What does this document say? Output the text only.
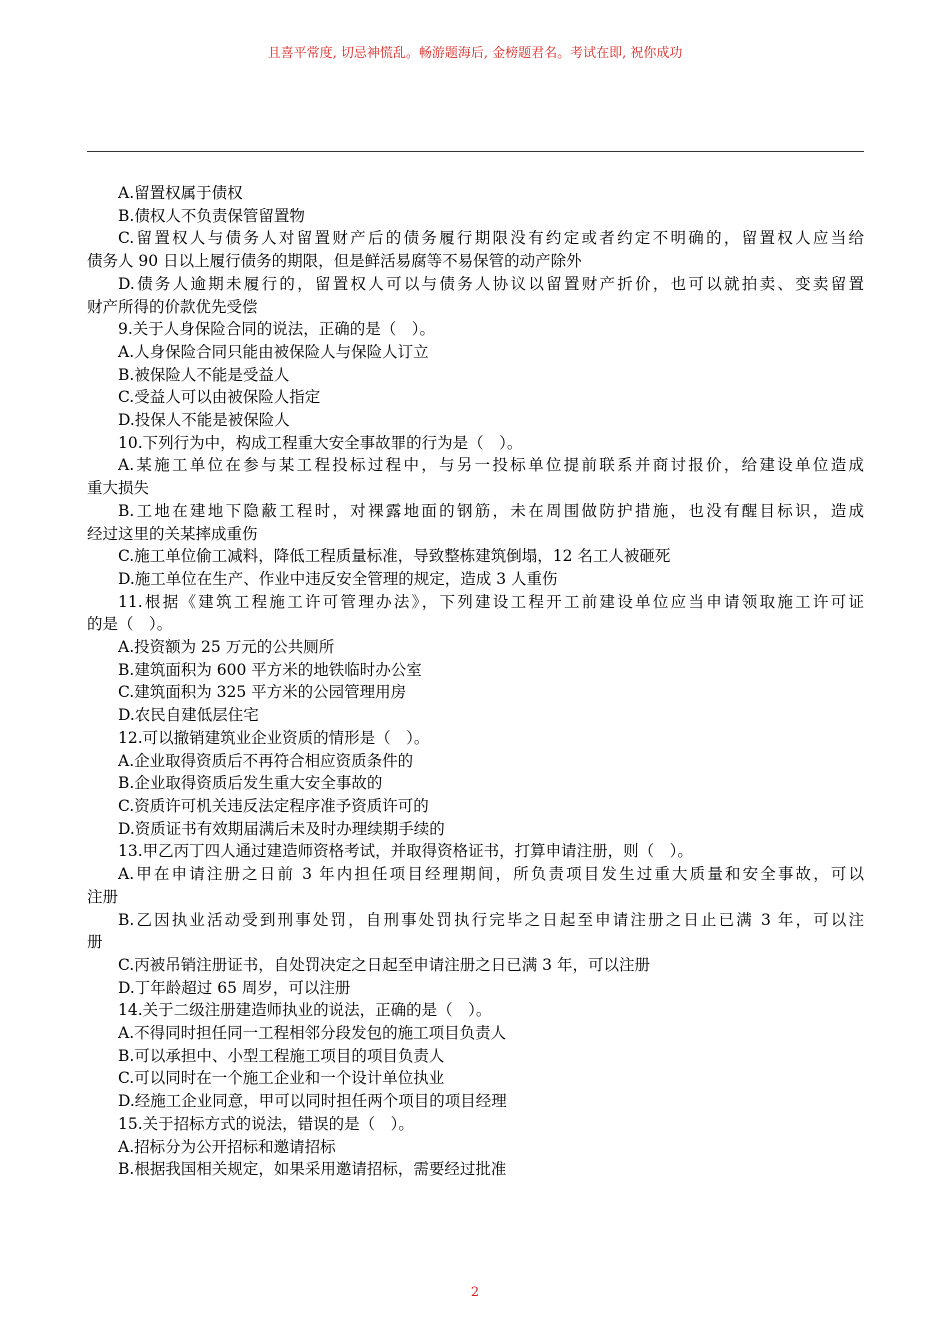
且喜平常度, 切忌神慌乱。畅游题海后, 金榜题君名。考试在即, 祝你成功
A.留置权属于债权
B.债权人不负责保管留置物
C.留置权人与债务人对留置财产后的债务履行期限没有约定或者约定不明确的，留置权人应当给
债务人 90 日以上履行债务的期限，但是鲜活易腐等不易保管的动产除外
D.债务人逾期未履行的，留置权人可以与债务人协议以留置财产折价，也可以就拍卖、变卖留置
财产所得的价款优先受偿
9.关于人身保险合同的说法，正确的是（　）。
A.人身保险合同只能由被保险人与保险人订立
B.被保险人不能是受益人
C.受益人可以由被保险人指定
D.投保人不能是被保险人
10.下列行为中，构成工程重大安全事故罪的行为是（　）。
A.某施工单位在参与某工程投标过程中，与另一投标单位提前联系并商讨报价，给建设单位造成
重大损失
B.工地在建地下隐蔽工程时，对裸露地面的钢筋，未在周围做防护措施，也没有醒目标识，造成
经过这里的关某摔成重伤
C.施工单位偷工减料，降低工程质量标准，导致整栋建筑倒塌，12 名工人被砸死
D.施工单位在生产、作业中违反安全管理的规定，造成 3 人重伤
11.根据《建筑工程施工许可管理办法》，下列建设工程开工前建设单位应当申请领取施工许可证
的是（　）。
A.投资额为 25 万元的公共厕所
B.建筑面积为 600 平方米的地铁临时办公室
C.建筑面积为 325 平方米的公园管理用房
D.农民自建低层住宅
12.可以撤销建筑业企业资质的情形是（　）。
A.企业取得资质后不再符合相应资质条件的
B.企业取得资质后发生重大安全事故的
C.资质许可机关违反法定程序准予资质许可的
D.资质证书有效期届满后未及时办理续期手续的
13.甲乙丙丁四人通过建造师资格考试，并取得资格证书，打算申请注册，则（　）。
A.甲在申请注册之日前 3 年内担任项目经理期间，所负责项目发生过重大质量和安全事故，可以
注册
B.乙因执业活动受到刑事处罚，自刑事处罚执行完毕之日起至申请注册之日止已满 3 年，可以注
册
C.丙被吊销注册证书，自处罚决定之日起至申请注册之日已满 3 年，可以注册
D.丁年龄超过 65 周岁，可以注册
14.关于二级注册建造师执业的说法，正确的是（　）。
A.不得同时担任同一工程相邻分段发包的施工项目负责人
B.可以承担中、小型工程施工项目的项目负责人
C.可以同时在一个施工企业和一个设计单位执业
D.经施工企业同意，甲可以同时担任两个项目的项目经理
15.关于招标方式的说法，错误的是（　）。
A.招标分为公开招标和邀请招标
B.根据我国相关规定，如果采用邀请招标，需要经过批准
2
